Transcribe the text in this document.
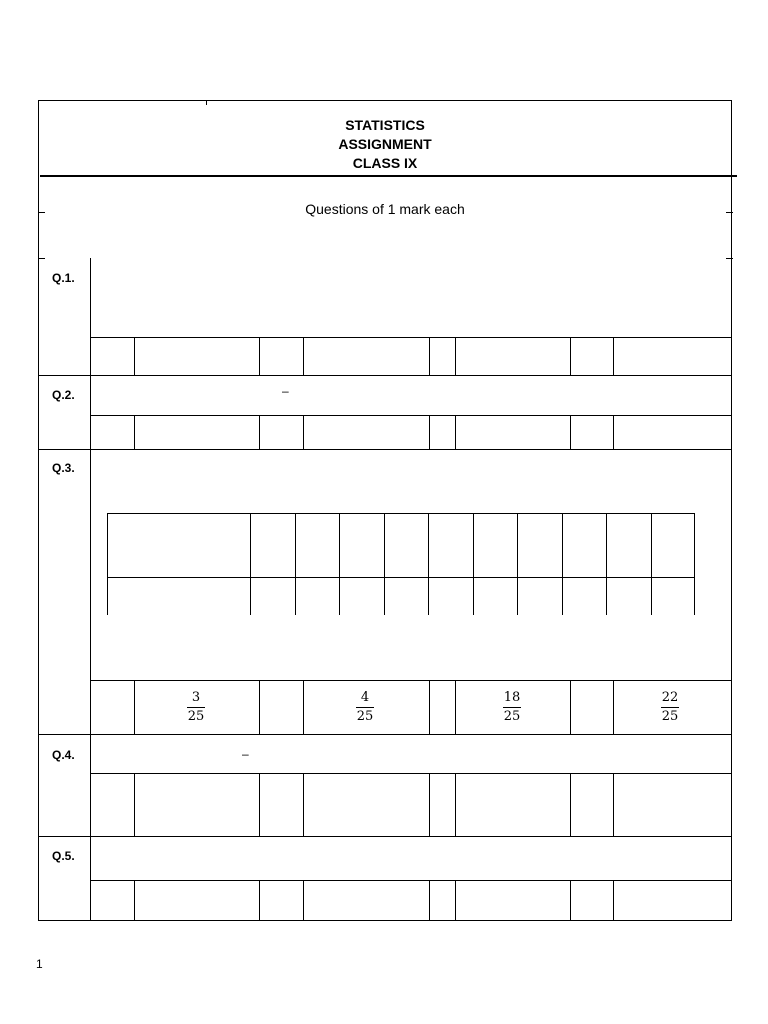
STATISTICS
ASSIGNMENT
CLASS IX
Questions of 1 mark each
Q.1.
Q.2.	–
Q.3.
3
25
4
25
18
25
22
25
Q.4.	–
Q.5.
1
